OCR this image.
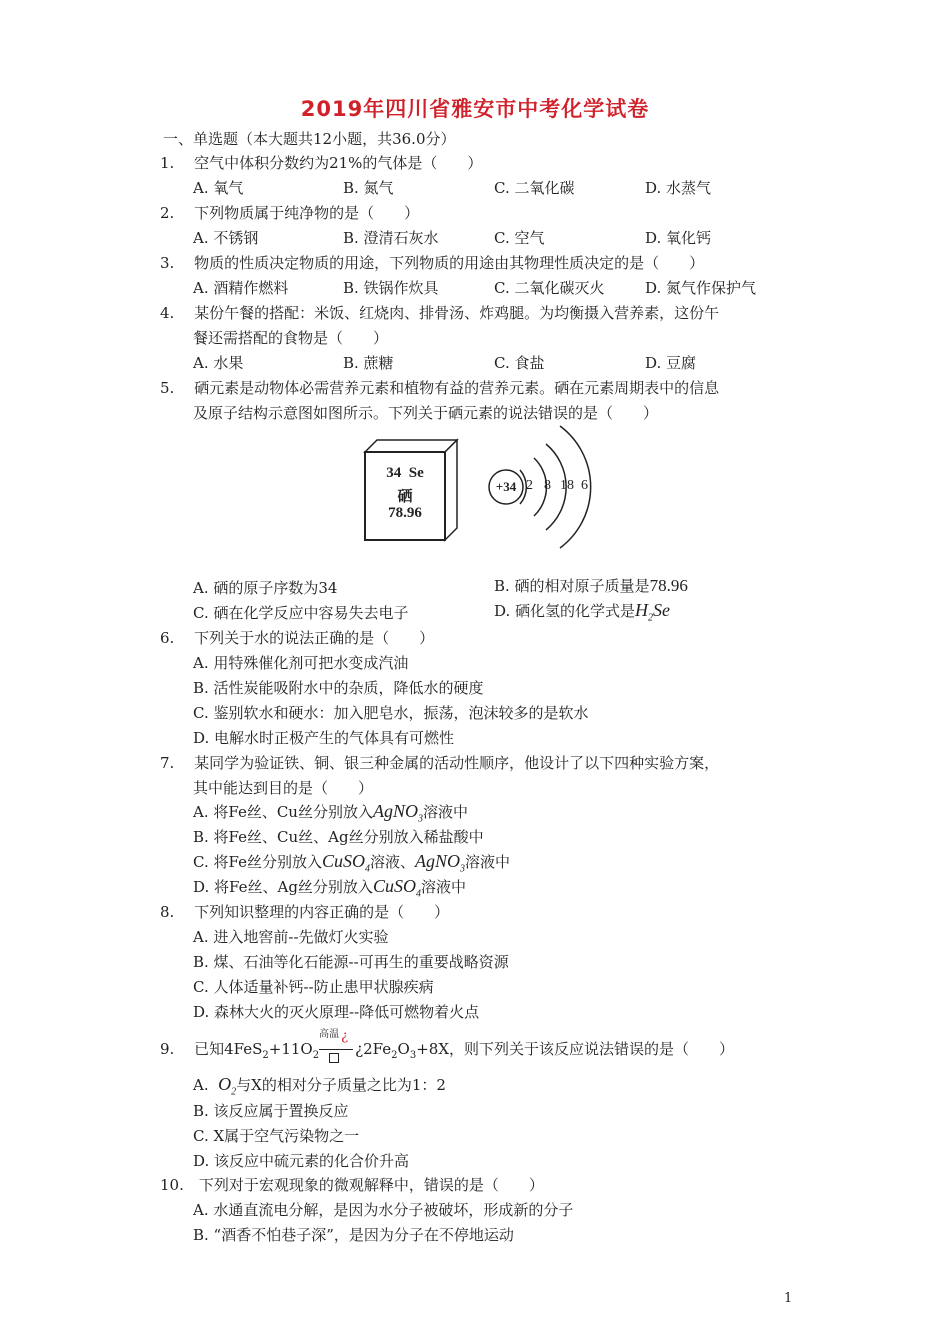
2019年四川省雅安市中考化学试卷
一、单选题（本大题共12小题，共36.0分）
1.　 空气中体积分数约为21%的气体是（　　）
A. 氧气	B. 氮气	C. 二氧化碳	D. 水蒸气
2.　 下列物质属于纯净物的是（　　）
A. 不锈钢	B. 澄清石灰水	C. 空气	D. 氧化钙
3.　 物质的性质决定物质的用途，下列物质的用途由其物理性质决定的是（　　）
A. 酒精作燃料	B. 铁锅作炊具	C. 二氧化碳灭火	D. 氮气作保护气
4.　 某份午餐的搭配：米饭、红烧肉、排骨汤、炸鸡腿。为均衡摄入营养素，这份午
餐还需搭配的食物是（　　）
A. 水果	B. 蔗糖	C. 食盐	D. 豆腐
5.　 硒元素是动物体必需营养元素和植物有益的营养元素。硒在元素周期表中的信息
及原子结构示意图如图所示。下列关于硒元素的说法错误的是（　　）
34 Se
硒
78.96
+34 2 8 18 6
A. 硒的原子序数为34	B. 硒的相对原子质量是78.96
C. 硒在化学反应中容易失去电子	D. 硒化氢的化学式是$H_2Se$
6.　 下列关于水的说法正确的是（　　）
A. 用特殊催化剂可把水变成汽油
B. 活性炭能吸附水中的杂质，降低水的硬度
C. 鉴别软水和硬水：加入肥皂水，振荡，泡沫较多的是软水
D. 电解水时正极产生的气体具有可燃性
7.　 某同学为验证铁、铜、银三种金属的活动性顺序，他设计了以下四种实验方案，
其中能达到目的是（　　）
A. 将Fe丝、Cu丝分别放入AgNO$_3$溶液中
B. 将Fe丝、Cu丝、Ag丝分别放入稀盐酸中
C. 将Fe丝分别放入CuSO$_4$溶液、AgNO$_3$溶液中
D. 将Fe丝、Ag丝分别放入CuSO$_4$溶液中
8.　 下列知识整理的内容正确的是（　　）
A. 进入地窖前--先做灯火实验
B. 煤、石油等化石能源--可再生的重要战略资源
C. 人体适量补钙--防止患甲状腺疾病
D. 森林大火的灭火原理--降低可燃物着火点
9.　 已知$4FeS_2+11O_2$
高温 ¿
¿$2Fe_2O_3+8X$，则下列关于该反应说法错误的是（　　）
A.  $O_2$与X的相对分子质量之比为1：2
B. 该反应属于置换反应
C. X属于空气污染物之一
D. 该反应中硫元素的化合价升高
10.　下列对于宏观现象的微观解释中，错误的是（　　）
A. 水通直流电分解，是因为水分子被破坏，形成新的分子
B. “酒香不怕巷子深”，是因为分子在不停地运动
1
